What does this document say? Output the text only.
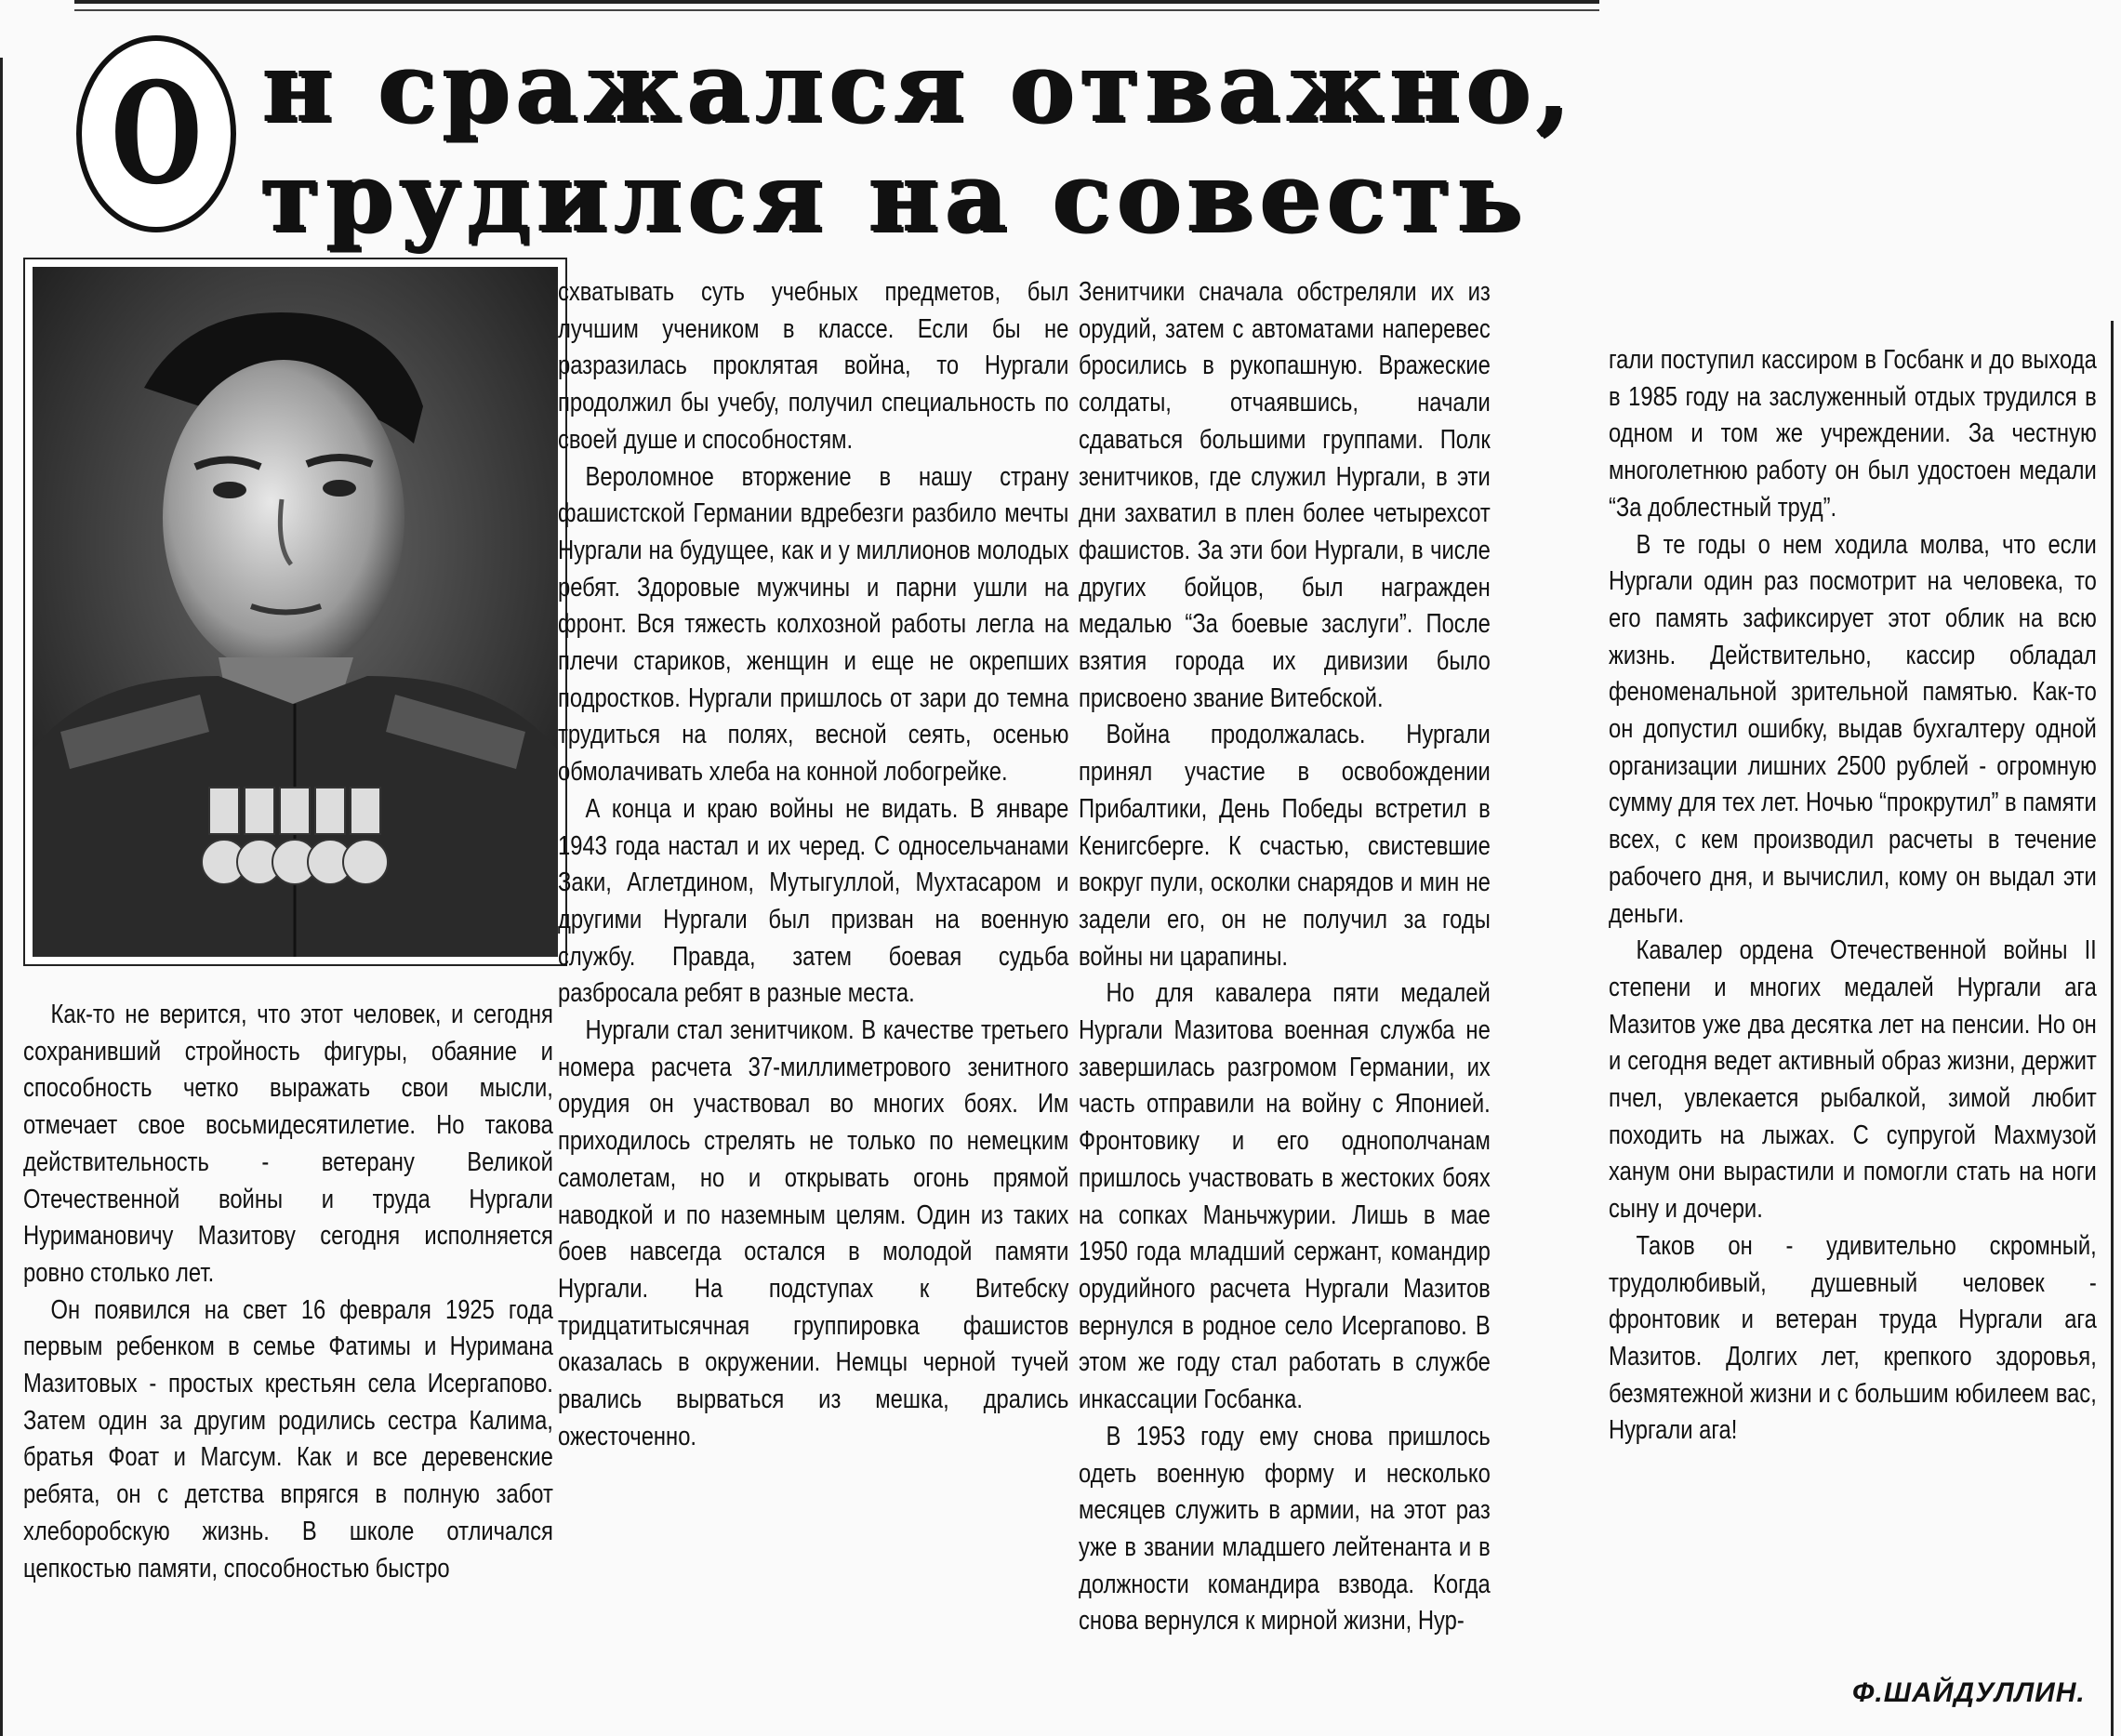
О н сражался отважно,
трудился на совесть

Как-то не верится, что этот человек, и сегодня сохранивший стройность фигуры, обаяние и способность четко выражать свои мысли, отмечает свое восьмидесятилетие. Но такова действительность - ветерану Великой Отечественной войны и труда Нургали Нуримановичу Мазитову сегодня исполняется ровно столько лет.

Он появился на свет 16 февраля 1925 года первым ребенком в семье Фатимы и Нуримана Мазитовых - простых крестьян села Исергапово. Затем один за другим родились сестра Калима, братья Фоат и Магсум. Как и все деревенские ребята, он с детства впрягся в полную забот хлеборобскую жизнь. В школе отличался цепкостью памяти, способностью быстро

схватывать суть учебных предметов, был лучшим учеником в классе. Если бы не разразилась проклятая война, то Нургали продолжил бы учебу, получил специальность по своей душе и способностям.

Вероломное вторжение в нашу страну фашистской Германии вдребезги разбило мечты Нургали на будущее, как и у миллионов молодых ребят. Здоровые мужчины и парни ушли на фронт. Вся тяжесть колхозной работы легла на плечи стариков, женщин и еще не окрепших подростков. Нургали пришлось от зари до темна трудиться на полях, весной сеять, осенью обмолачивать хлеба на конной лобогрейке.

А конца и краю войны не видать. В январе 1943 года настал и их черед. С односельчанами Заки, Аглетдином, Мутыгуллой, Мухтасаром и другими Нургали был призван на военную службу. Правда, затем боевая судьба разбросала ребят в разные места.

Нургали стал зенитчиком. В качестве третьего номера расчета 37-миллиметрового зенитного орудия он участвовал во многих боях. Им приходилось стрелять не только по немецким самолетам, но и открывать огонь прямой наводкой и по наземным целям. Один из таких боев навсегда остался в молодой памяти Нургали. На подступах к Витебску тридцатитысячная группировка фашистов оказалась в окружении. Немцы черной тучей рвались вырваться из мешка, дрались ожесточенно.

Зенитчики сначала обстреляли их из орудий, затем с автоматами наперевес бросились в рукопашную. Вражеские солдаты, отчаявшись, начали сдаваться большими группами. Полк зенитчиков, где служил Нургали, в эти дни захватил в плен более четырехсот фашистов. За эти бои Нургали, в числе других бойцов, был награжден медалью “За боевые заслуги”. После взятия города их дивизии было присвоено звание Витебской.

Война продолжалась. Нургали принял участие в освобождении Прибалтики, День Победы встретил в Кенигсберге. К счастью, свистевшие вокруг пули, осколки снарядов и мин не задели его, он не получил за годы войны ни царапины.

Но для кавалера пяти медалей Нургали Мазитова военная служба не завершилась разгромом Германии, их часть отправили на войну с Японией. Фронтовику и его однополчанам пришлось участвовать в жестоких боях на сопках Маньчжурии. Лишь в мае 1950 года младший сержант, командир орудийного расчета Нургали Мазитов вернулся в родное село Исергапово. В этом же году стал работать в службе инкассации Госбанка.

В 1953 году ему снова пришлось одеть военную форму и несколько месяцев служить в армии, на этот раз уже в звании младшего лейтенанта и в должности командира взвода. Когда снова вернулся к мирной жизни, Нур-

гали поступил кассиром в Госбанк и до выхода в 1985 году на заслуженный отдых трудился в одном и том же учреждении. За честную многолетнюю работу он был удостоен медали “За доблестный труд”.

В те годы о нем ходила молва, что если Нургали один раз посмотрит на человека, то его память зафиксирует этот облик на всю жизнь. Действительно, кассир обладал феноменальной зрительной памятью. Как-то он допустил ошибку, выдав бухгалтеру одной организации лишних 2500 рублей - огромную сумму для тех лет. Ночью “прокрутил” в памяти всех, с кем производил расчеты в течение рабочего дня, и вычислил, кому он выдал эти деньги.

Кавалер ордена Отечественной войны II степени и многих медалей Нургали ага Мазитов уже два десятка лет на пенсии. Но он и сегодня ведет активный образ жизни, держит пчел, увлекается рыбалкой, зимой любит походить на лыжах. С супругой Махмузой ханум они вырастили и помогли стать на ноги сыну и дочери.

Таков он - удивительно скромный, трудолюбивый, душевный человек - фронтовик и ветеран труда Нургали ага Мазитов. Долгих лет, крепкого здоровья, безмятежной жизни и с большим юбилеем вас, Нургали ага!

Ф.ШАЙДУЛЛИН.
